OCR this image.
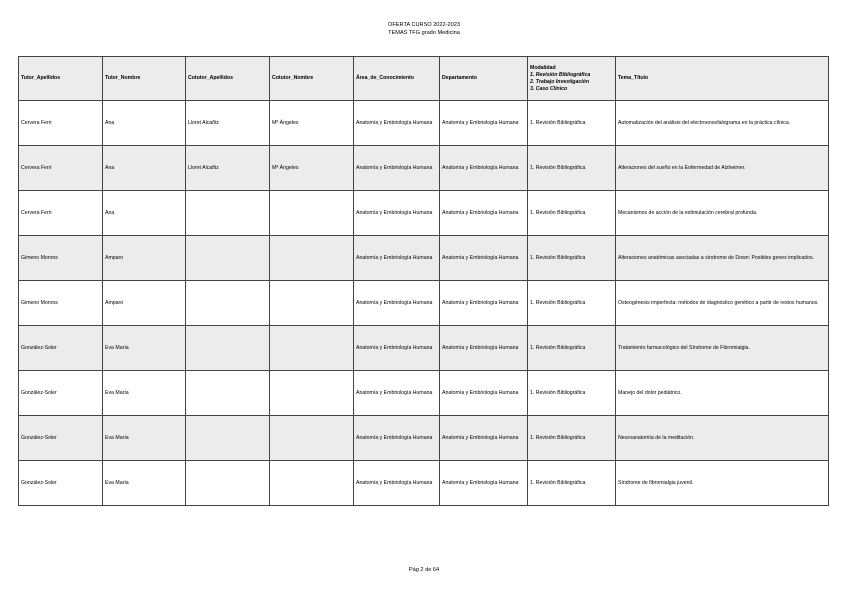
OFERTA CURSO 2022-2023
TEMAS TFG grado Medicina
Tutor_Apellidos	Tutor_Nombre	Cotutor_Apellidos	Cotutor_Nombre	Área_de_Conocimiento	Departamento	Modalidad
1. Revisión Bibliográfica
2. Trabajo Investigación
3. Caso Clínico	Tema_Título
Cervera Ferri	Ana	Lloret Alcañiz	Mª Ángeles	Anatomía y Embriología Humana	Anatomía y Embriología Humana	1. Revisión Bibliográfica	Automatización del análisis del electroencefalograma en la práctica clínica.
Cervera Ferri	Ana	Lloret Alcañiz	Mª Ángeles	Anatomía y Embriología Humana	Anatomía y Embriología Humana	1. Revisión Bibliográfica	Alteraciones del sueño en la Enfermedad de Alzheimer.
Cervera Ferri	Ana			Anatomía y Embriología Humana	Anatomía y Embriología Humana	1. Revisión Bibliográfica	Mecanismos de acción de la estimulación cerebral profunda.
Gimeno Monros	Amparo			Anatomía y Embriología Humana	Anatomía y Embriología Humana	1. Revisión Bibliográfica	Alteraciones anatómicas asociadas a síndrome de Down: Posibles genes implicados.
Gimeno Monros	Amparo			Anatomía y Embriología Humana	Anatomía y Embriología Humana	1. Revisión Bibliográfica	Osteogénesis imperfecta: métodos de diagnóstico genético a partir de restos humanos.
González-Soler	Eva María			Anatomía y Embriología Humana	Anatomía y Embriología Humana	1. Revisión Bibliográfica	Tratamiento farmacológico del Síndrome de Fibromialgia.
González-Soler	Eva María			Anatomía y Embriología Humana	Anatomía y Embriología Humana	1. Revisión Bibliográfica	Manejo del dolor pediátrico.
González-Soler	Eva María			Anatomía y Embriología Humana	Anatomía y Embriología Humana	1. Revisión Bibliográfica	Neuroanatomía de la meditación.
González-Soler	Eva María			Anatomía y Embriología Humana	Anatomía y Embriología Humana	1. Revisión Bibliográfica	Síndrome de fibromialgia juvenil.
Pág 2 de 64
